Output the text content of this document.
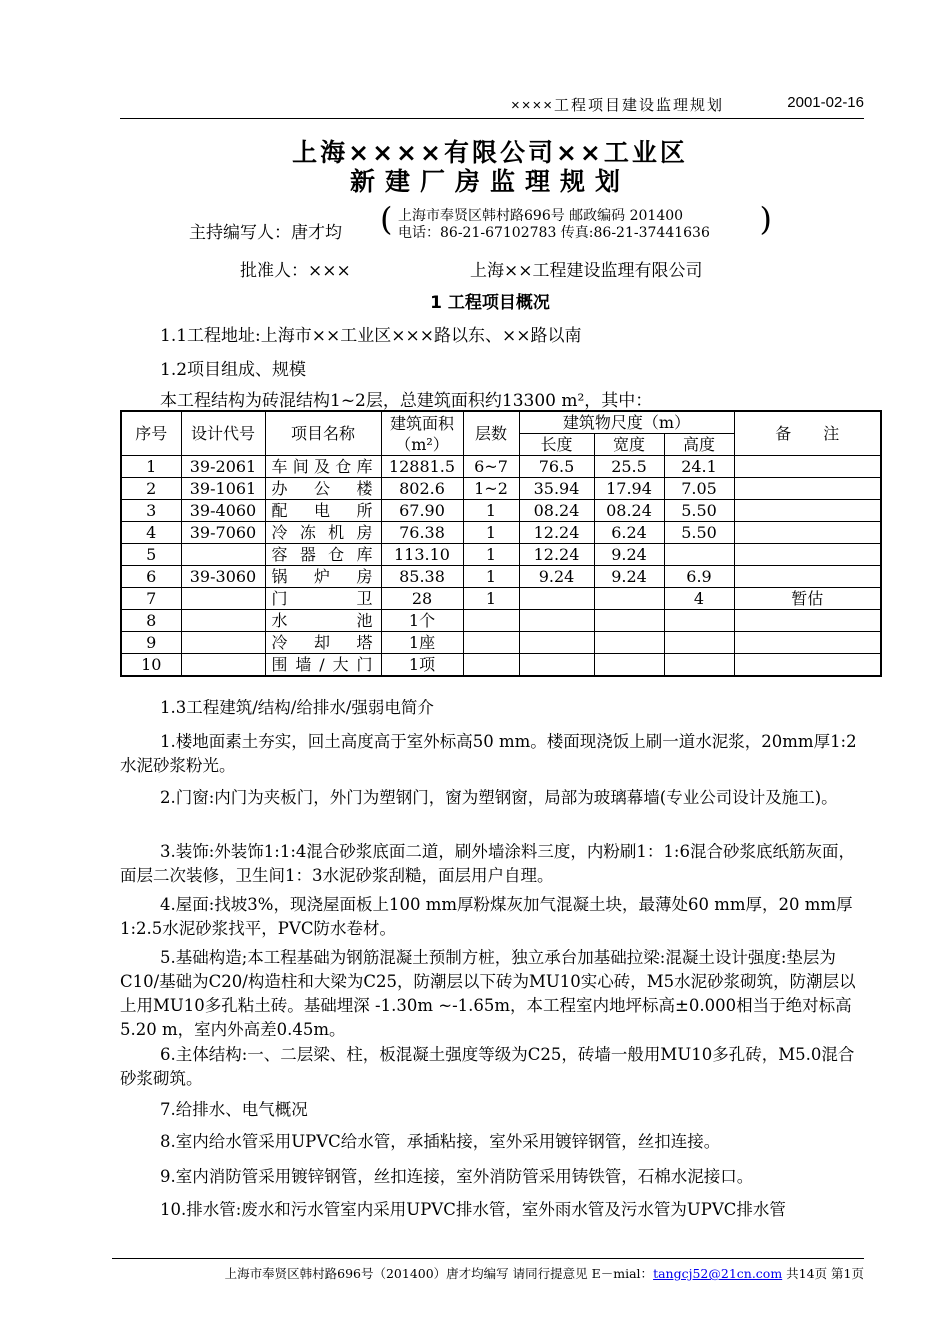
××××工程项目建设监理规划	2001-02-16
上海××××有限公司××工业区
新建厂房监理规划
主持编写人：唐才均 ( 上海市奉贤区韩村路696号 邮政编码 201400
电话：86-21-67102783 传真:86-21-37441636 )
批准人：×××	上海××工程建设监理有限公司
1 工程项目概况
1.1工程地址:上海市××工业区×××路以东、××路以南
1.2项目组成、规模
本工程结构为砖混结构1~2层，总建筑面积约13300 m²，其中：
序号	设计代号	项目名称	建筑面积（m²）	层数	建筑物尺度（m）			备　　注
					长度	宽度	高度	
1	39-2061	车间及仓库	12881.5	6~7	76.5	25.5	24.1	
2	39-1061	办公楼	802.6	1~2	35.94	17.94	7.05	
3	39-4060	配电所	67.90	1	08.24	08.24	5.50	
4	39-7060	冷冻机房	76.38	1	12.24	6.24	5.50	
5		容器仓库	113.10	1	12.24	9.24		
6	39-3060	锅炉房	85.38	1	9.24	9.24	6.9	
7		门卫	28	1			4	暂估
8		水池	1个					
9		冷却塔	1座					
10		围墙/大门	1项					
1.3工程建筑/结构/给排水/强弱电简介
1.楼地面素土夯实，回土高度高于室外标高50 mm。楼面现浇饭上刷一道水泥浆，20mm厚1:2水泥砂浆粉光。
2.门窗:内门为夹板门，外门为塑钢门，窗为塑钢窗，局部为玻璃幕墙(专业公司设计及施工)。
3.装饰:外装饰1:1:4混合砂浆底面二道，刷外墙涂料三度，内粉刷1：1:6混合砂浆底纸筋灰面，面层二次装修，卫生间1：3水泥砂浆刮糙，面层用户自理。
4.屋面:找坡3%，现浇屋面板上100 mm厚粉煤灰加气混凝土块，最薄处60 mm厚，20 mm厚1:2.5水泥砂浆找平，PVC防水卷材。
5.基础构造;本工程基础为钢筋混凝土预制方桩，独立承台加基础拉梁:混凝土设计强度:垫层为C10/基础为C20/构造柱和大梁为C25，防潮层以下砖为MU10实心砖，M5水泥砂浆砌筑，防潮层以上用MU10多孔粘土砖。基础埋深 -1.30m ~-1.65m，本工程室内地坪标高±0.000相当于绝对标高5.20 m，室内外高差0.45m。
6.主体结构:一、二层梁、柱，板混凝土强度等级为C25，砖墙一般用MU10多孔砖，M5.0混合砂浆砌筑。
7.给排水、电气概况
8.室内给水管采用UPVC给水管，承插粘接，室外采用镀锌钢管，丝扣连接。
9.室内消防管采用镀锌钢管，丝扣连接，室外消防管采用铸铁管，石棉水泥接口。
10.排水管:废水和污水管室内采用UPVC排水管，室外雨水管及污水管为UPVC排水管
上海市奉贤区韩村路696号（201400）唐才均编写 请同行提意见 E－mial：tangcj52@21cn.com 共14页 第1页
